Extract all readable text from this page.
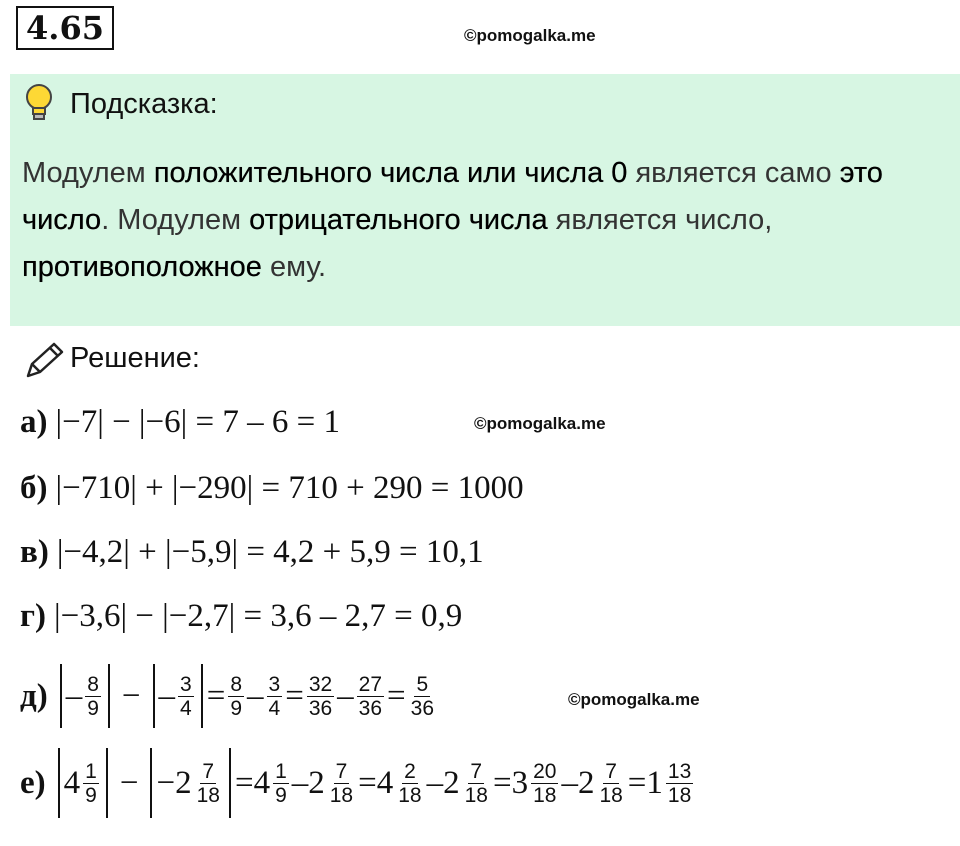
4.65	©pomogalka.me
Подсказка:
Модулем положительного числа или числа 0 является само это число. Модулем отрицательного числа является число, противоположное ему.
Решение:
а) |−7| − |−6| = 7 – 6 = 1	©pomogalka.me
б) |−710| + |−290| = 710 + 290 = 1000
в) |−4,2| + |−5,9| = 4,2 + 5,9 = 10,1
г) |−3,6| − |−2,7| = 3,6 – 2,7 = 0,9
$д) - \frac{8}{9}$ − – $\frac{3}{4} = \frac{8}{9} - \frac{3}{4} = \frac{32}{36} - \frac{27}{36} = \frac{5}{36}$	©pomogalka.me
е) $4 \frac{1}{9} - -2 \frac{7}{18} = 4 \frac{1}{9} - 2 \frac{7}{18} = 4 \frac{2}{18} - 2 \frac{7}{18} = 3 \frac{20}{18} - 2 \frac{7}{18} = 1 \frac{13}{18}$
